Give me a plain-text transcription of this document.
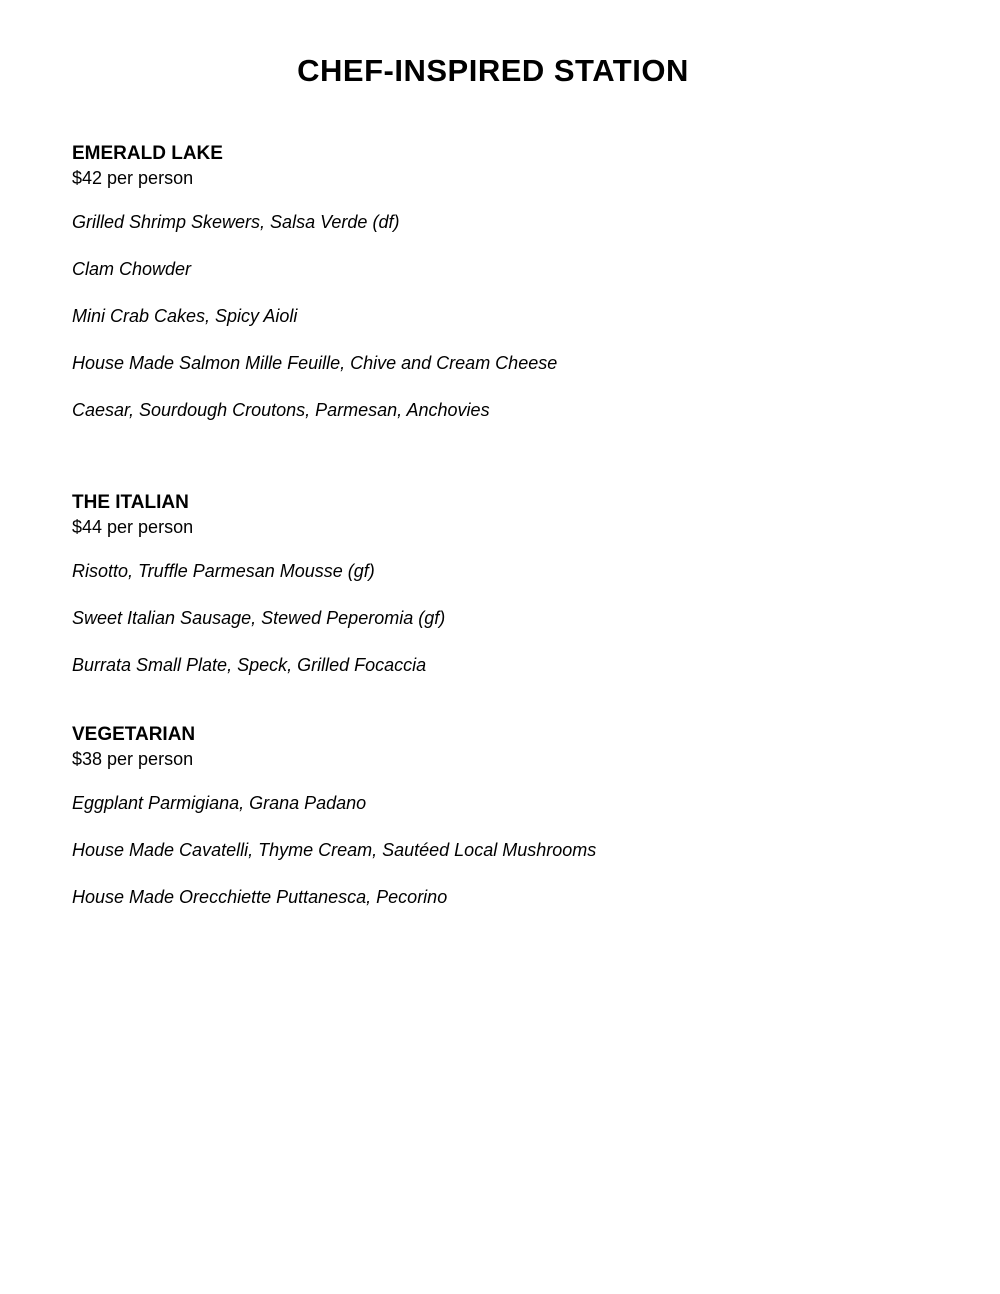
CHEF-INSPIRED STATION
EMERALD LAKE

$42 per person

Grilled Shrimp Skewers, Salsa Verde (df)

Clam Chowder

Mini Crab Cakes, Spicy Aioli

House Made Salmon Mille Feuille, Chive and Cream Cheese

Caesar, Sourdough Croutons, Parmesan, Anchovies

THE ITALIAN

$44 per person

Risotto, Truffle Parmesan Mousse (gf)

Sweet Italian Sausage, Stewed Peperomia (gf)

Burrata Small Plate, Speck, Grilled Focaccia

VEGETARIAN

$38 per person

Eggplant Parmigiana, Grana Padano

House Made Cavatelli, Thyme Cream, Sautéed Local Mushrooms

House Made Orecchiette Puttanesca, Pecorino
